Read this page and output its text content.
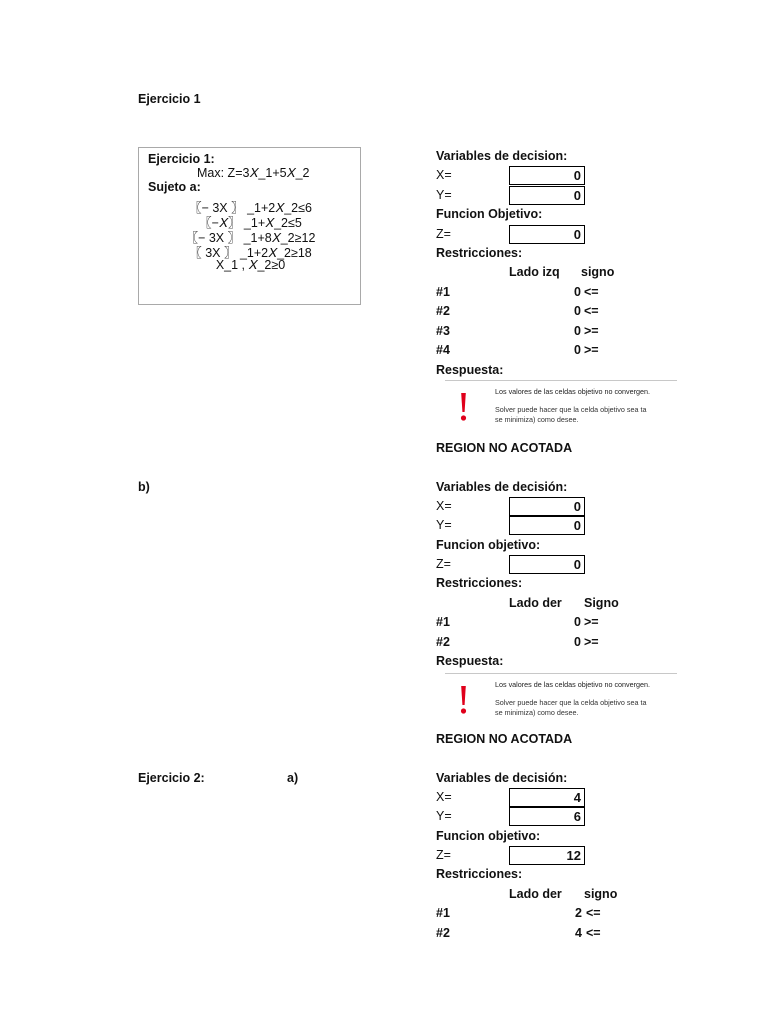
Ejercicio 1
Ejercicio 1:
Max: Z=3𝑋_1+5𝑋_2
Sujeto a:
〖− 3X 〗 _1+2𝑋_2≤6
〖−𝑋〗 _1+𝑋_2≤5
〖− 3X 〗 _1+8𝑋_2≥12
〖 3X 〗 _1+2𝑋_2≥18
X_1 , 𝑋_2≥0
Variables de decision:
X=	0
Y=	0
Funcion Objetivo:
Z=	0
Restricciones:
Lado izq signo
#1	0 <=
#2	0 <=
#3	0 >=
#4	0 >=
Respuesta:
Los valores de las celdas objetivo no convergen.
Solver puede hacer que la celda objetivo sea ta
se minimiza) como desee.
REGION NO ACOTADA
b)	Variables de decisión:
X=	0
Y=	0
Funcion objetivo:
Z=	0
Restricciones:
Lado der Signo
#1	0 >=
#2	0 >=
Respuesta:
Los valores de las celdas objetivo no convergen.
Solver puede hacer que la celda objetivo sea ta
se minimiza) como desee.
REGION NO ACOTADA
Ejercicio 2:	a)	Variables de decisión:
X=	4
Y=	6
Funcion objetivo:
Z=	12
Restricciones:
Lado der signo
#1	2 <=
#2	4 <=
